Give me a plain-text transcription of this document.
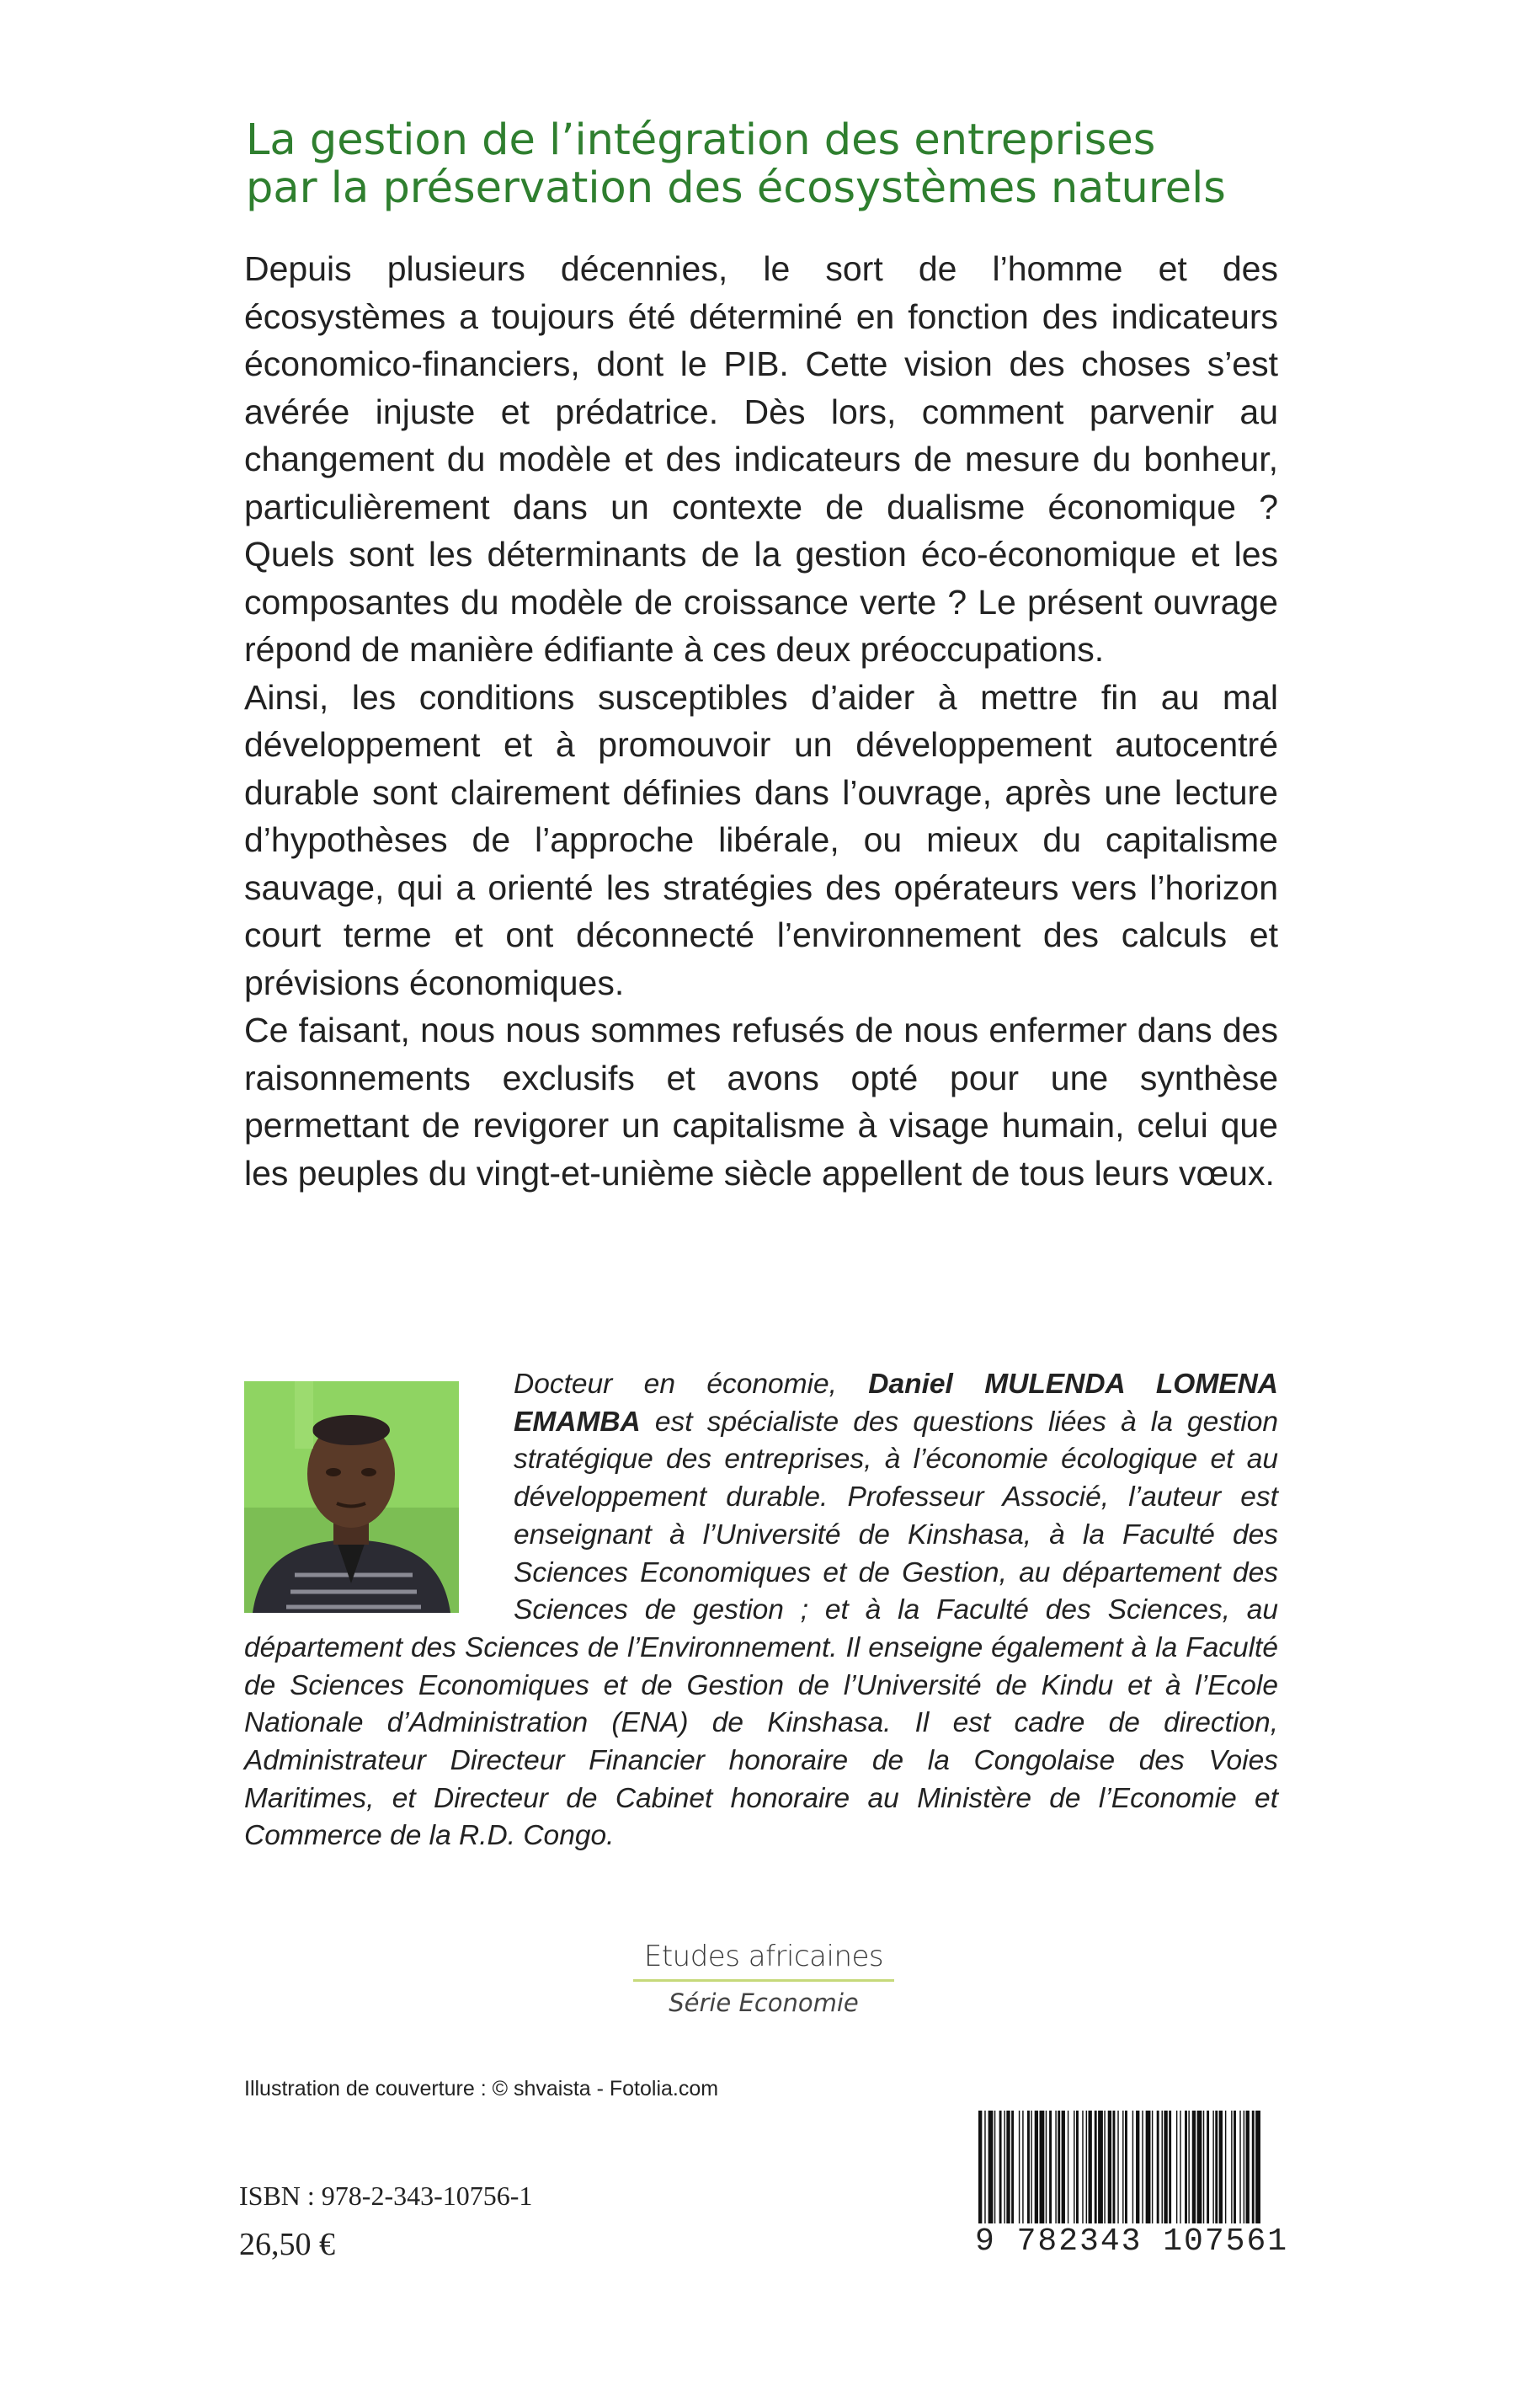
La gestion de l’intégration des entreprises
par la préservation des écosystèmes naturels

Depuis plusieurs décennies, le sort de l’homme et des écosystèmes a toujours été déterminé en fonction des indicateurs économico-financiers, dont le PIB. Cette vision des choses s’est avérée injuste et prédatrice. Dès lors, comment parvenir au changement du modèle et des indicateurs de mesure du bonheur, particulièrement dans un contexte de dualisme économique ? Quels sont les déterminants de la gestion éco-économique et les composantes du modèle de croissance verte ? Le présent ouvrage répond de manière édifiante à ces deux préoccupations.

Ainsi, les conditions susceptibles d’aider à mettre fin au mal développement et à promouvoir un développement autocentré durable sont clairement définies dans l’ouvrage, après une lecture d’hypothèses de l’approche libérale, ou mieux du capitalisme sauvage, qui a orienté les stratégies des opérateurs vers l’horizon court terme et ont déconnecté l’environnement des calculs et prévisions économiques.

Ce faisant, nous nous sommes refusés de nous enfermer dans des raisonnements exclusifs et avons opté pour une synthèse permettant de revigorer un capitalisme à visage humain, celui que les peuples du vingt-et-unième siècle appellent de tous leurs vœux.

Docteur en économie, Daniel MULENDA LOMENA EMAMBA est spécialiste des questions liées à la gestion stratégique des entreprises, à l’économie écologique et au développement durable. Professeur Associé, l’auteur est enseignant à l’Université de Kinshasa, à la Faculté des Sciences Economiques et de Gestion, au département des Sciences de gestion ; et à la Faculté des Sciences, au département des Sciences de l’Environnement. Il enseigne également à la Faculté de Sciences Economiques et de Gestion de l’Université de Kindu et à l’Ecole Nationale d’Administration (ENA) de Kinshasa. Il est cadre de direction, Administrateur Directeur Financier honoraire de la Congolaise des Voies Maritimes, et Directeur de Cabinet honoraire au Ministère de l’Economie et Commerce de la R.D. Congo.
Etudes africaines
Série Economie
Illustration de couverture : © shvaista - Fotolia.com
ISBN : 978-2-343-10756-1
26,50 €	9 782343 107561
